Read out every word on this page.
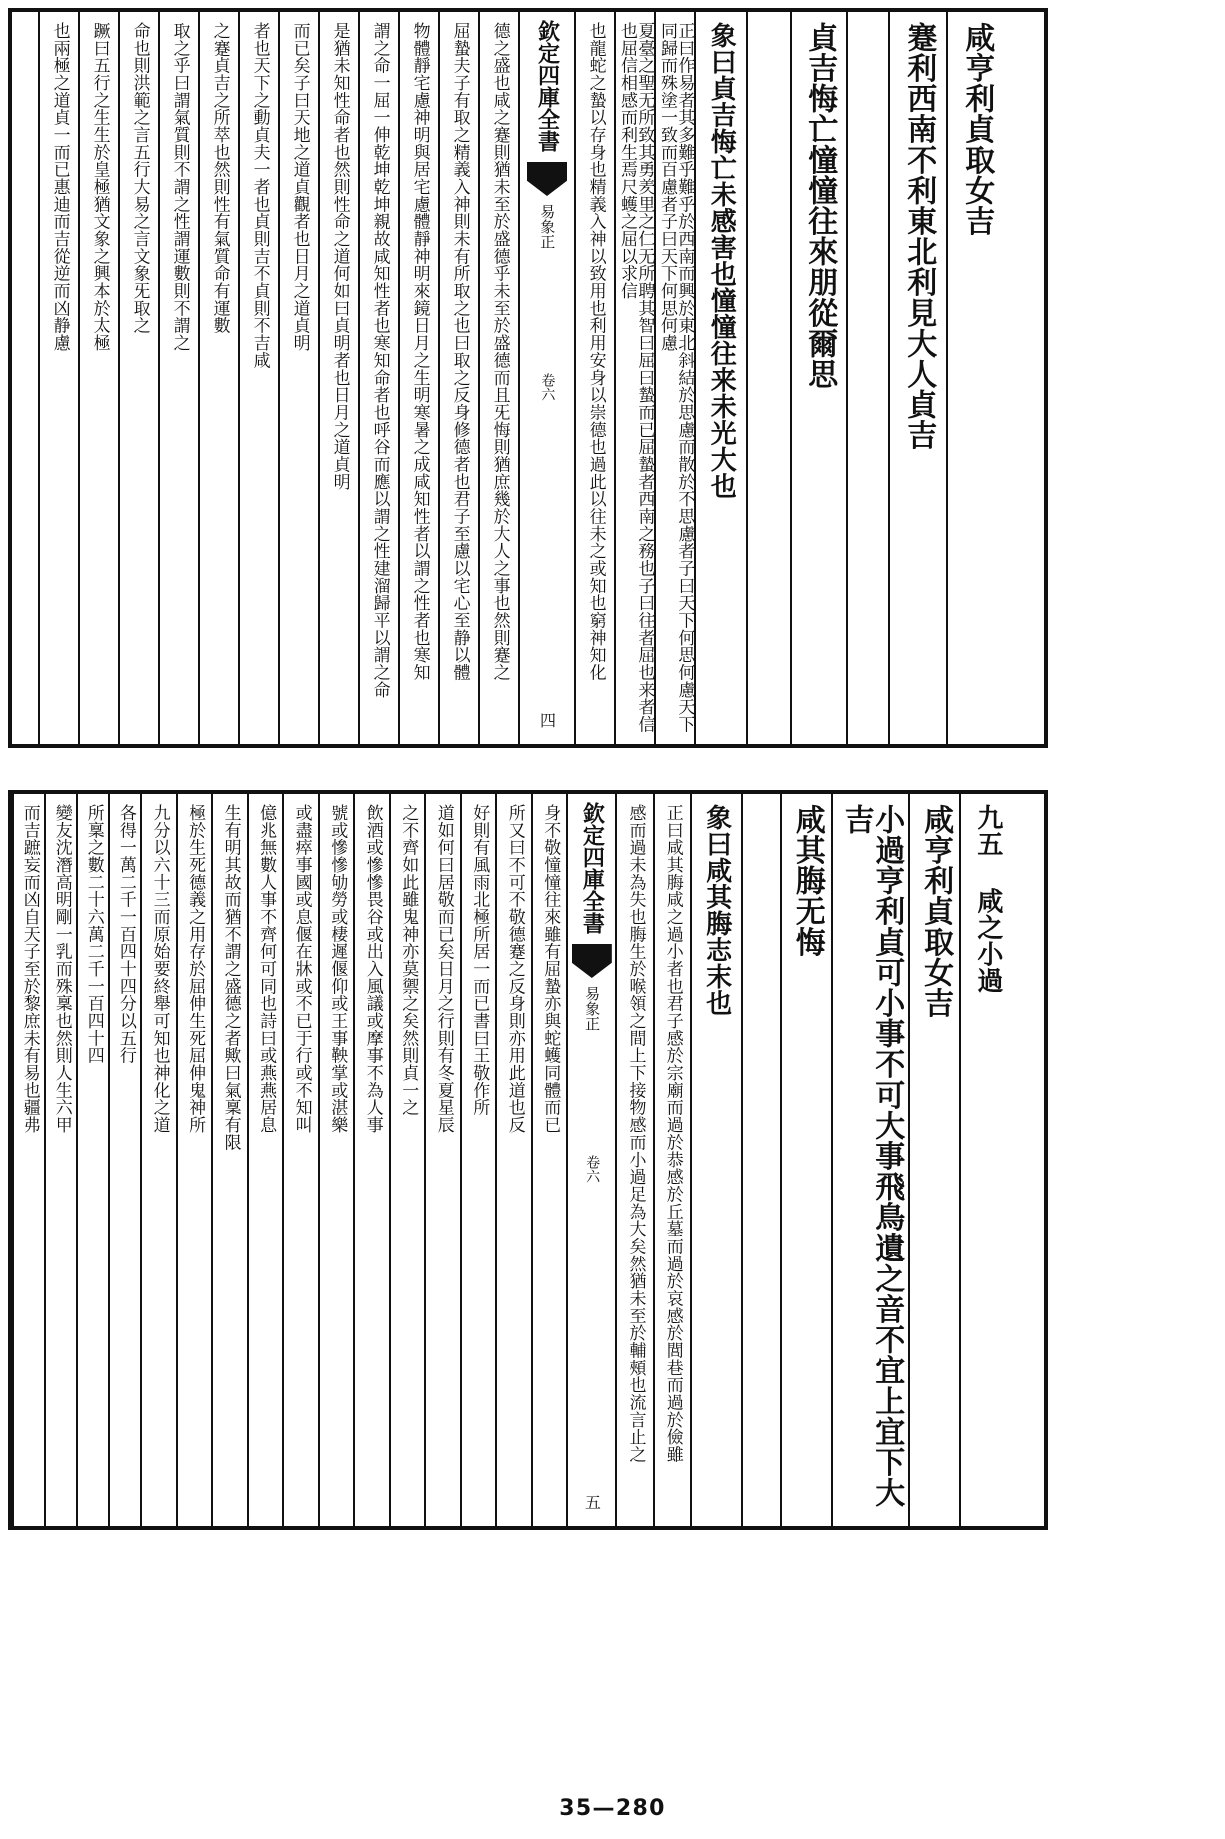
咸亨利貞取女吉
蹇利西南不利東北利見大人貞吉
貞吉悔亡憧憧往來朋從爾思
象曰貞吉悔亡未感害也憧憧往来未光大也
正曰作易者其多難乎難乎於西南而興於東北斜結於思慮而散於不思慮者子曰天下何思何慮天下同歸而殊塗一致而百慮者子曰天下何思何慮
夏臺之聖无所致其勇羑里之仁无所聘其智曰屈曰蟄而已屈蟄者西南之務也子曰往者屈也来者信也屈信相感而利生焉尺蠖之屈以求信
也龍蛇之蟄以存身也精義入神以致用也利用安身以崇德也過此以往未之或知也窮神知化
欽定四庫全書
易象正
卷六
四
德之盛也咸之蹇則猶未至於盛德乎未至於盛德而且旡悔則猶庶幾於大人之事也然則蹇之
屈蟄夫子有取之精義入神則未有所取之也曰取之反身修德者也君子至慮以宅心至静以體
物體靜宅慮神明與居宅慮體靜神明來鏡日月之生明寒暑之成咸知性者以謂之性者也寒知
謂之命一屈一伸乾坤乾坤親故咸知性者也寒知命者也呼谷而應以謂之性建溜歸平以謂之命
是猶未知性命者也然則性命之道何如曰貞明者也日月之道貞明
而已矣子曰天地之道貞觀者也日月之道貞明
者也天下之動貞夫一者也貞則吉不貞則不吉咸
之蹇貞吉之所萃也然則性有氣質命有運數
取之乎曰謂氣質則不謂之性謂運數則不謂之
命也則洪範之言五行大易之言文象旡取之
蹶曰五行之生生於皇極猶文象之興本於太極
也兩極之道貞一而已惠迪而吉從逆而凶静慮
九五 咸之小過
咸亨利貞取女吉
小過亨利貞可小事不可大事飛鳥遺之音不宜上宜下大吉
咸其脢无悔
象曰咸其脢志末也
正曰咸其脢咸之過小者也君子感於宗廟而過於恭感於丘墓而過於哀感於閭巷而過於儉雖
感而過未為失也脢生於喉領之間上下接物感而小過足為大矣然猶未至於輔頰也流言止之
欽定四庫全書
易象正
卷六
五
身不敬憧憧往來雖有屈蟄亦與蛇蠖同體而已
所又曰不可不敬德蹇之反身則亦用此道也反
好則有風雨北極所居一而已書曰王敬作所
道如何曰居敬而已矣日月之行則有冬夏星辰
之不齊如此雖鬼神亦莫禦之矣然則貞一之
飲酒或慘慘畏谷或出入風議或摩事不為人事
號或慘慘劬勞或棲遲偃仰或王事鞅掌或湛樂
或盡瘁事國或息偃在牀或不已于行或不知叫
億兆無數人事不齊何可同也詩曰或燕燕居息
生有明其故而猶不謂之盛德之者歟曰氣稟有限
極於生死德義之用存於屈伸生死屈伸鬼神所
九分以六十三而原始要終舉可知也神化之道
各得一萬二千一百四十四分以五行
所稟之數二十六萬二千一百四十四
變友沈潛高明剛一乳而殊稟也然則人生六甲
而吉蹠妄而凶自天子至於黎庶未有易也疆弗
35—280
